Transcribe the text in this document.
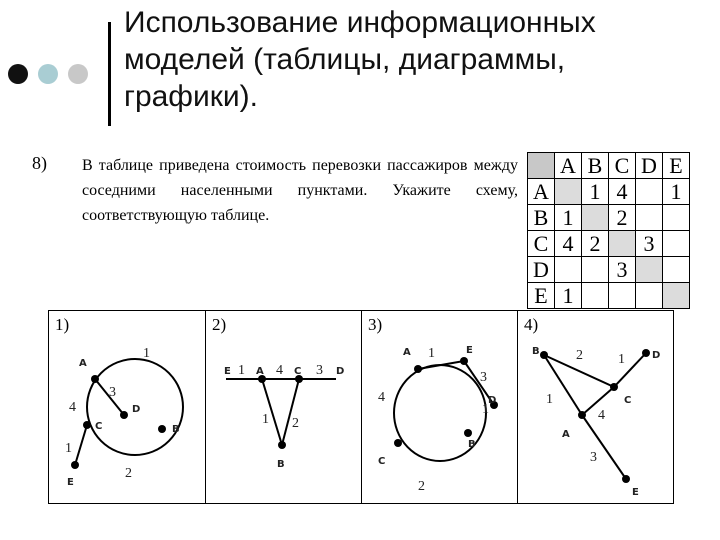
Использование информационных
моделей (таблицы, диаграммы,
графики).
8) В таблице приведена стоимость перевозки пассажиров между соседними населенными пунктами. Укажите схему, соответствующую таблице.
	A	B	C	D	E
A		1	4		1
B	1		2		
C	4	2		3	
D			3		
E	1				
1)
A
C
D
B
E
1
3
4
1
2
2)
E	A	C	D
B
1 4 3
1 2
3)
A	E
D
C
B
1
3
1
4
2
4)
B	D
C
A
E
2	1
1
4
3
